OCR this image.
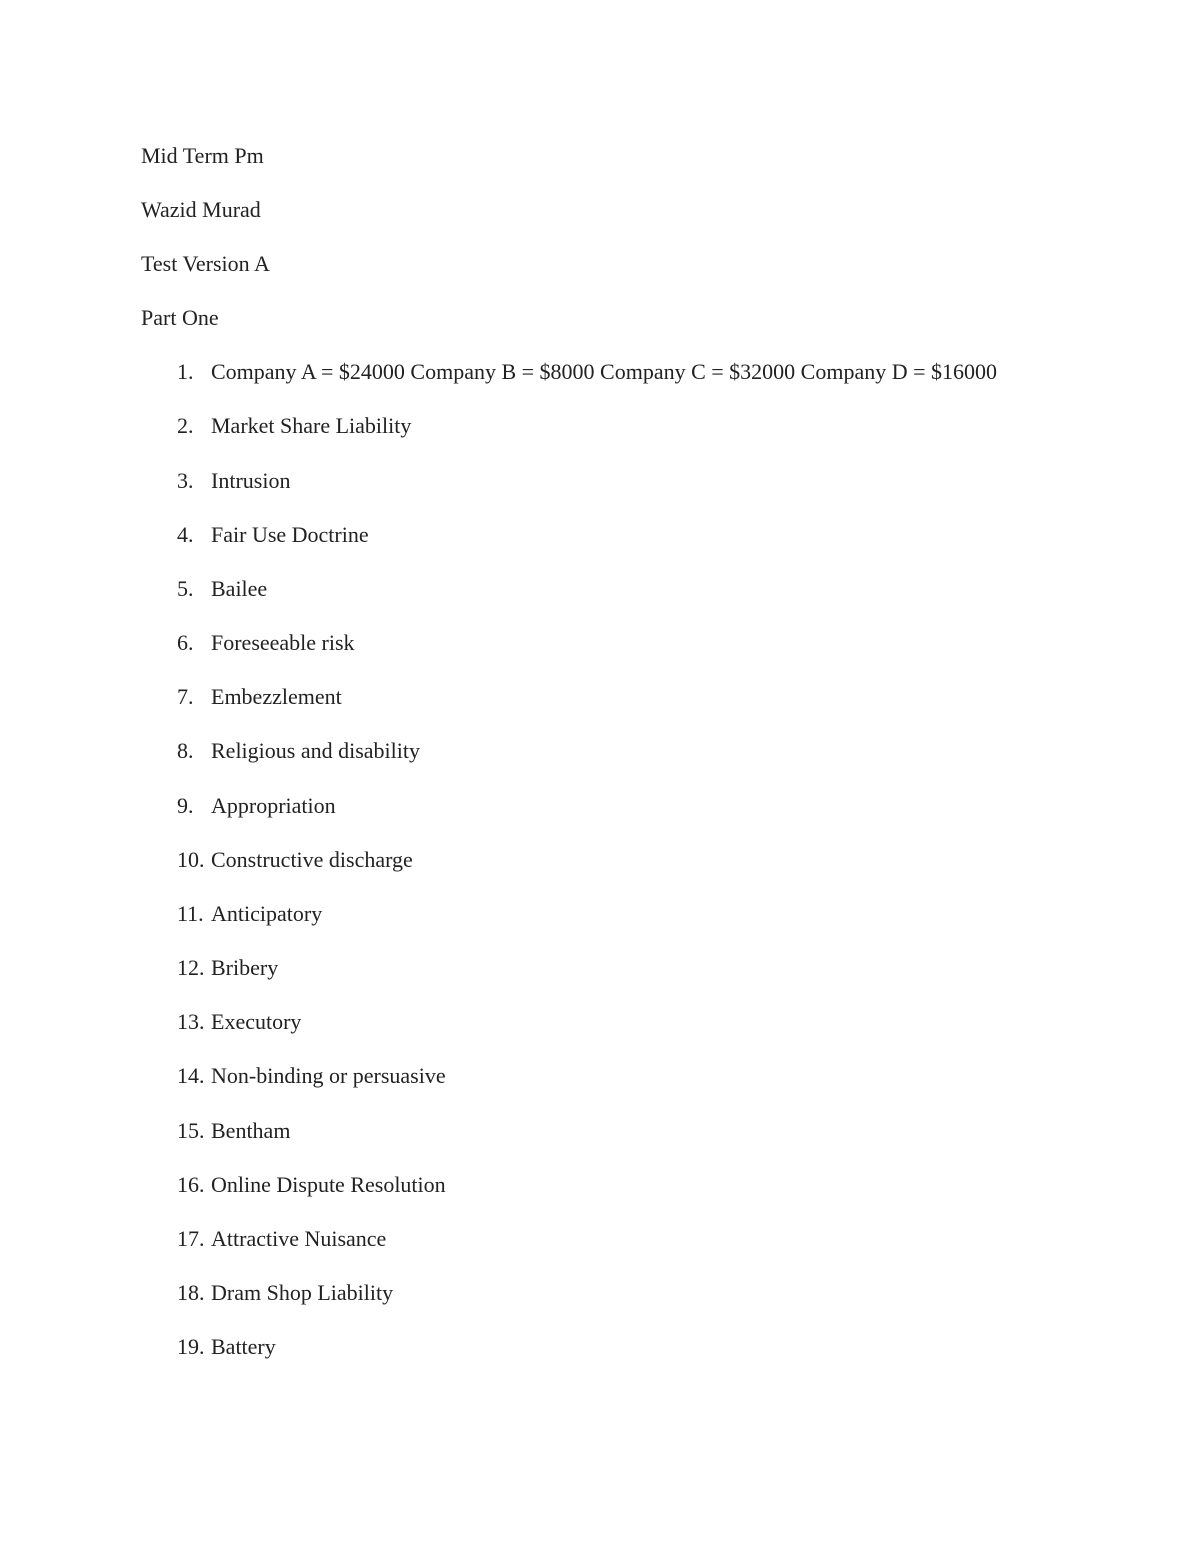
Mid Term Pm
Wazid Murad
Test Version A
Part One
1. Company A = $24000 Company B = $8000 Company C = $32000 Company D = $16000
2. Market Share Liability
3. Intrusion
4. Fair Use Doctrine
5. Bailee
6. Foreseeable risk
7. Embezzlement
8. Religious and disability
9. Appropriation
10. Constructive discharge
11. Anticipatory
12. Bribery
13. Executory
14. Non-binding or persuasive
15. Bentham
16. Online Dispute Resolution
17. Attractive Nuisance
18. Dram Shop Liability
19. Battery
